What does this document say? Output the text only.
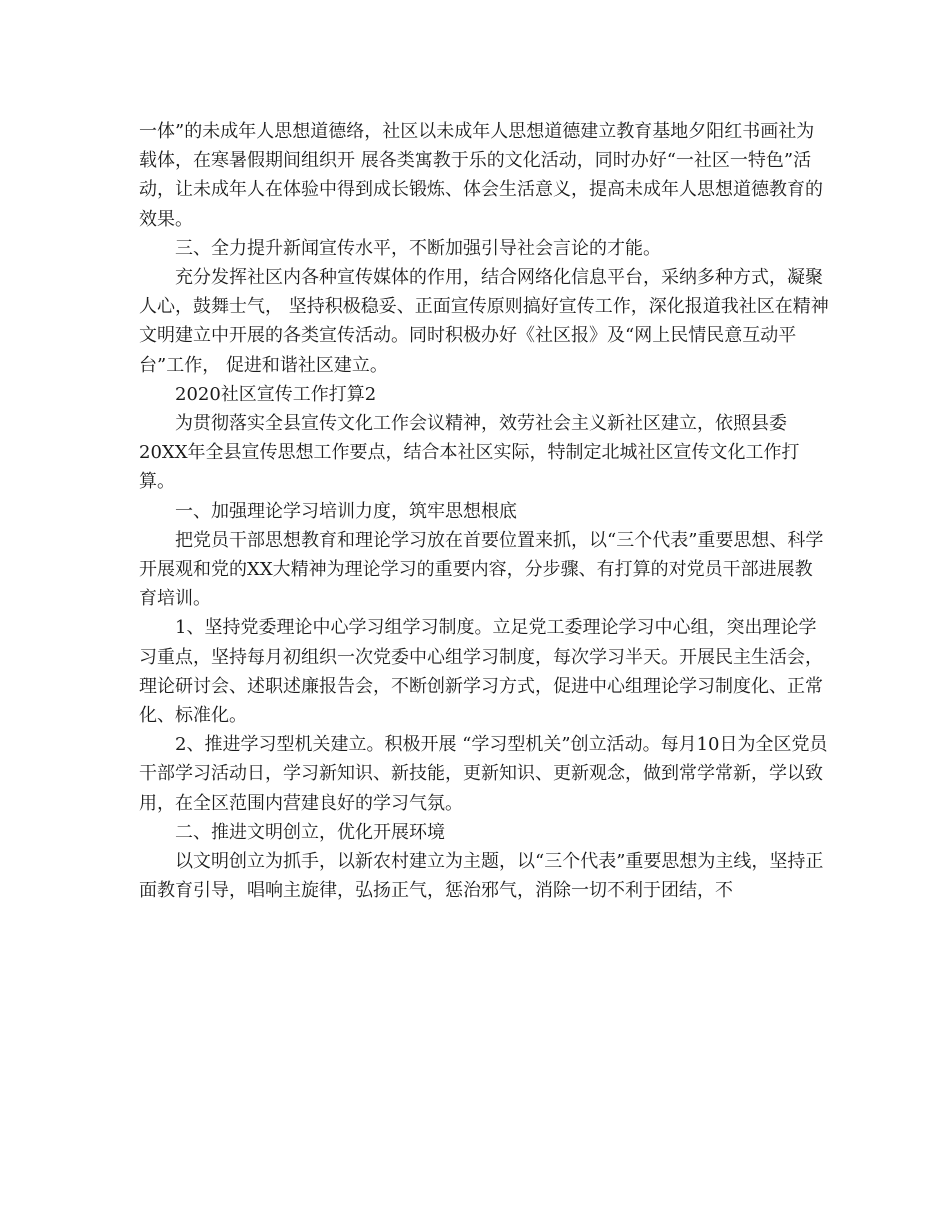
一体”的未成年人思想道德络，社区以未成年人思想道德建立教育基地夕阳红书画社为载体，在寒暑假期间组织开 展各类寓教于乐的文化活动，同时办好“一社区一特色”活动，让未成年人在体验中得到成长锻炼、体会生活意义，提高未成年人思想道德教育的效果。

三、全力提升新闻宣传水平，不断加强引导社会言论的才能。

充分发挥社区内各种宣传媒体的作用，结合网络化信息平台，采纳多种方式，凝聚人心，鼓舞士气， 坚持积极稳妥、正面宣传原则搞好宣传工作，深化报道我社区在精神文明建立中开展的各类宣传活动。同时积极办好《社区报》及“网上民情民意互动平台”工作， 促进和谐社区建立。

2020社区宣传工作打算2

为贯彻落实全县宣传文化工作会议精神，效劳社会主义新社区建立，依照县委20XX年全县宣传思想工作要点，结合本社区实际，特制定北城社区宣传文化工作打算。

一、加强理论学习培训力度，筑牢思想根底

把党员干部思想教育和理论学习放在首要位置来抓，以“三个代表”重要思想、科学开展观和党的XX大精神为理论学习的重要内容，分步骤、有打算的对党员干部进展教育培训。

1、坚持党委理论中心学习组学习制度。立足党工委理论学习中心组，突出理论学习重点，坚持每月初组织一次党委中心组学习制度，每次学习半天。开展民主生活会，理论研讨会、述职述廉报告会，不断创新学习方式，促进中心组理论学习制度化、正常化、标准化。

2、推进学习型机关建立。积极开展 “学习型机关”创立活动。每月10日为全区党员干部学习活动日，学习新知识、新技能，更新知识、更新观念，做到常学常新，学以致用，在全区范围内营建良好的学习气氛。

二、推进文明创立，优化开展环境

以文明创立为抓手，以新农村建立为主题，以“三个代表”重要思想为主线，坚持正面教育引导，唱响主旋律，弘扬正气，惩治邪气，消除一切不利于团结，不
